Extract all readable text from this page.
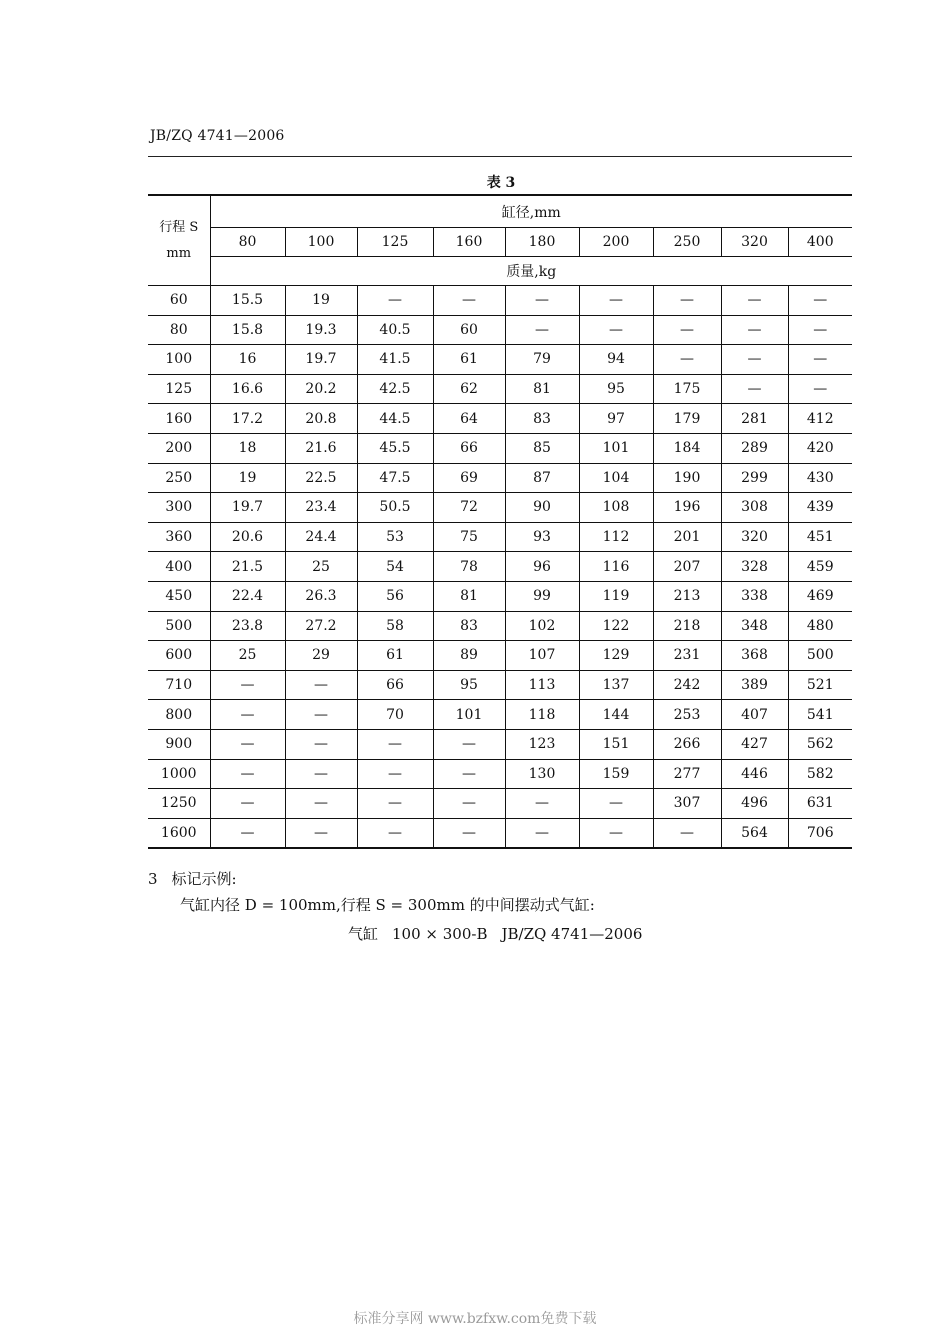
JB/ZQ 4741—2006
表 3
行程 S
mm	缸径,mm								
	80	100	125	160	180	200	250	320	400
	质量,kg								
60	15.5	19	—	—	—	—	—	—	—
80	15.8	19.3	40.5	60	—	—	—	—	—
100	16	19.7	41.5	61	79	94	—	—	—
125	16.6	20.2	42.5	62	81	95	175	—	—
160	17.2	20.8	44.5	64	83	97	179	281	412
200	18	21.6	45.5	66	85	101	184	289	420
250	19	22.5	47.5	69	87	104	190	299	430
300	19.7	23.4	50.5	72	90	108	196	308	439
360	20.6	24.4	53	75	93	112	201	320	451
400	21.5	25	54	78	96	116	207	328	459
450	22.4	26.3	56	81	99	119	213	338	469
500	23.8	27.2	58	83	102	122	218	348	480
600	25	29	61	89	107	129	231	368	500
710	—	—	66	95	113	137	242	389	521
800	—	—	70	101	118	144	253	407	541
900	—	—	—	—	123	151	266	427	562
1000	—	—	—	—	130	159	277	446	582
1250	—	—	—	—	—	—	307	496	631
1600	—	—	—	—	—	—	—	564	706
3 标记示例:
气缸内径 D = 100mm,行程 S = 300mm 的中间摆动式气缸:
气缸 100 × 300-B JB/ZQ 4741—2006
标准分享网 www.bzfxw.com免费下载
